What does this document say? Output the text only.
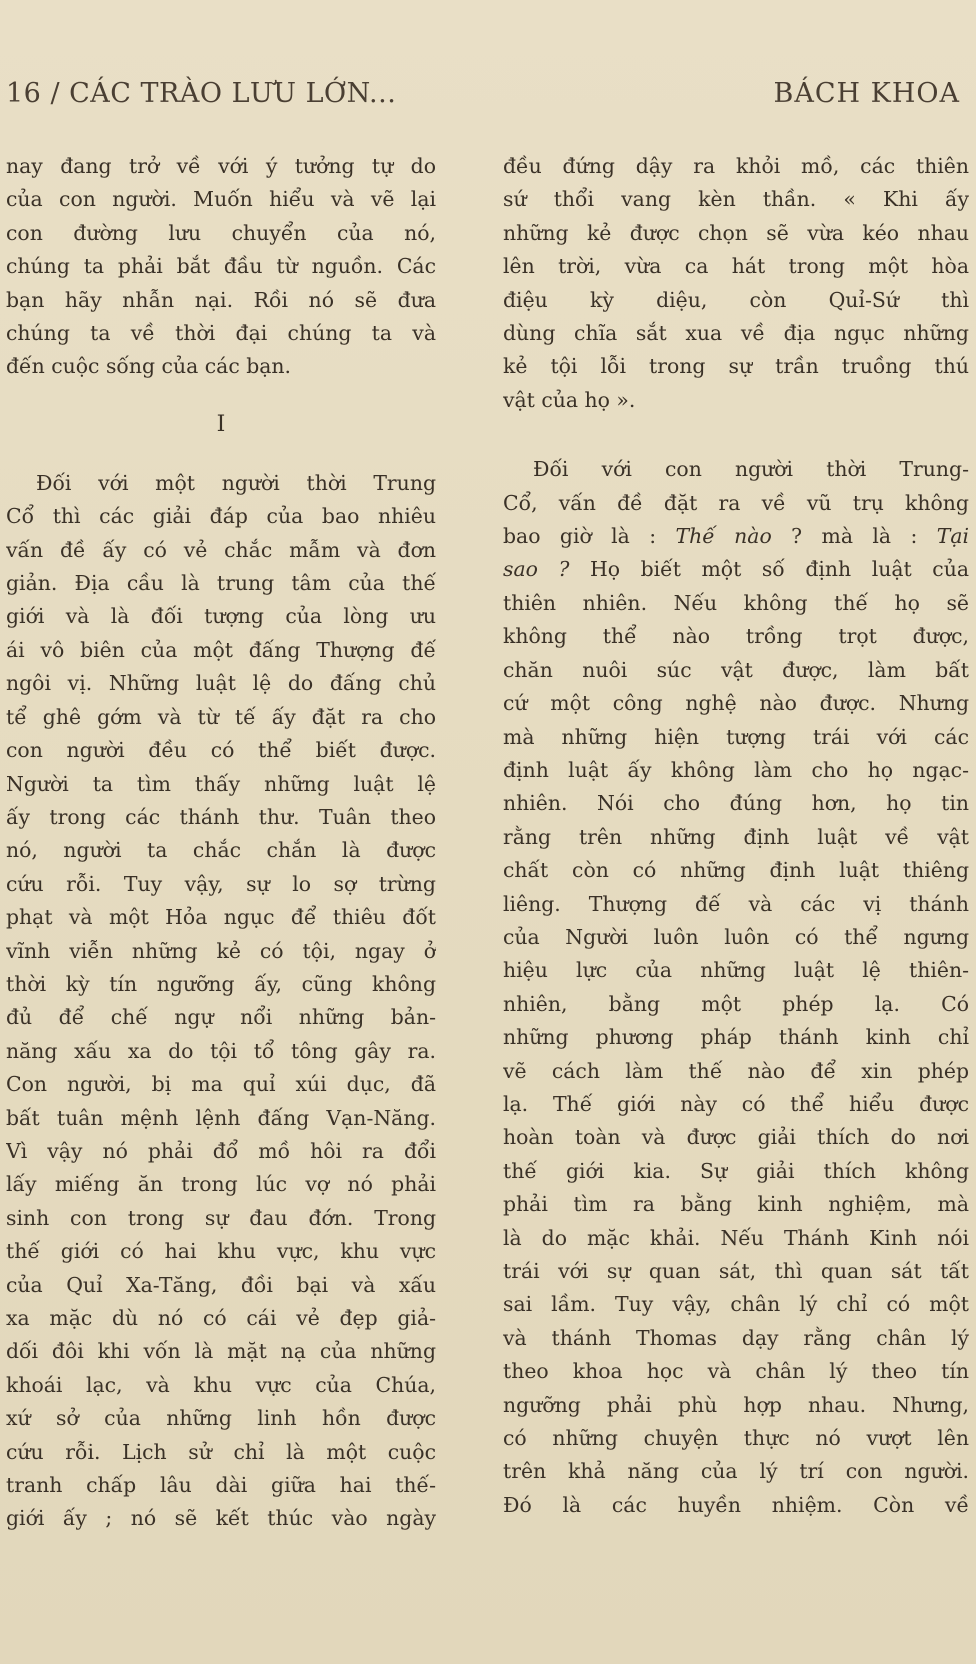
16 / CÁC TRÀO LƯU LỚN...	BÁCH KHOA

nay đang trở về với ý tưởng tự do
của con người. Muốn hiểu và vẽ lại
con đường lưu chuyển của nó,
chúng ta phải bắt đầu từ nguồn. Các
bạn hãy nhẫn nại. Rồi nó sẽ đưa
chúng ta về thời đại chúng ta và
đến cuộc sống của các bạn.

I

Đối với một người thời Trung
Cổ thì các giải đáp của bao nhiêu
vấn đề ấy có vẻ chắc mẫm và đơn
giản. Địa cầu là trung tâm của thế
giới và là đối tượng của lòng ưu
ái vô biên của một đấng Thượng đế
ngôi vị. Những luật lệ do đấng chủ
tể ghê gớm và từ tế ấy đặt ra cho
con người đều có thể biết được.
Người ta tìm thấy những luật lệ
ấy trong các thánh thư. Tuân theo
nó, người ta chắc chắn là được
cứu rỗi. Tuy vậy, sự lo sợ trừng
phạt và một Hỏa ngục để thiêu đốt
vĩnh viễn những kẻ có tội, ngay ở
thời kỳ tín ngưỡng ấy, cũng không
đủ để chế ngự nổi những bản-
năng xấu xa do tội tổ tông gây ra.
Con người, bị ma quỉ xúi dục, đã
bất tuân mệnh lệnh đấng Vạn-Năng.
Vì vậy nó phải đổ mồ hôi ra đổi
lấy miếng ăn trong lúc vợ nó phải
sinh con trong sự đau đớn. Trong
thế giới có hai khu vực, khu vực
của Quỉ Xa-Tăng, đồi bại và xấu
xa mặc dù nó có cái vẻ đẹp giả-
dối đôi khi vốn là mặt nạ của những
khoái lạc, và khu vực của Chúa,
xứ sở của những linh hồn được
cứu rỗi. Lịch sử chỉ là một cuộc
tranh chấp lâu dài giữa hai thế-
giới ấy ; nó sẽ kết thúc vào ngày

đều đứng dậy ra khỏi mồ, các thiên
sứ thổi vang kèn thần. « Khi ấy
những kẻ được chọn sẽ vừa kéo nhau
lên trời, vừa ca hát trong một hòa
điệu kỳ diệu, còn Quỉ-Sứ thì
dùng chĩa sắt xua về địa ngục những
kẻ tội lỗi trong sự trần truồng thú
vật của họ ».

Đối với con người thời Trung-
Cổ, vấn đề đặt ra về vũ trụ không
bao giờ là : Thế nào ? mà là : Tại
sao ? Họ biết một số định luật của

thiên nhiên. Nếu không thế họ sẽ
không thể nào trồng trọt được,
chăn nuôi súc vật được, làm bất
cứ một công nghệ nào được. Nhưng
mà những hiện tượng trái với các
định luật ấy không làm cho họ ngạc-
nhiên. Nói cho đúng hơn, họ tin
rằng trên những định luật về vật
chất còn có những định luật thiêng
liêng. Thượng đế và các vị thánh
của Người luôn luôn có thể ngưng
hiệu lực của những luật lệ thiên-
nhiên, bằng một phép lạ. Có
những phương pháp thánh kinh chỉ
vẽ cách làm thế nào để xin phép
lạ. Thế giới này có thể hiểu được
hoàn toàn và được giải thích do nơi
thế giới kia. Sự giải thích không
phải tìm ra bằng kinh nghiệm, mà
là do mặc khải. Nếu Thánh Kinh nói
trái với sự quan sát, thì quan sát tất
sai lầm. Tuy vậy, chân lý chỉ có một
và thánh Thomas dạy rằng chân lý
theo khoa học và chân lý theo tín
ngưỡng phải phù hợp nhau. Nhưng,
có những chuyện thực nó vượt lên
trên khả năng của lý trí con người.
Đó là các huyền nhiệm. Còn về
